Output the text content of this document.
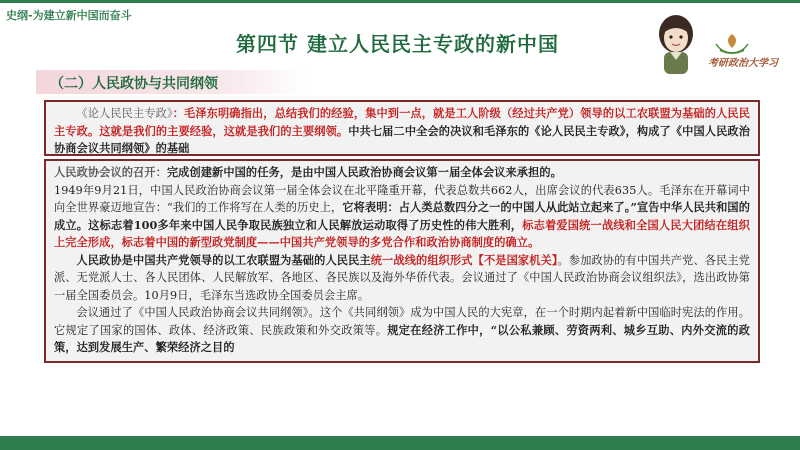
史纲-为建立新中国而奋斗
第四节 建立人民民主专政的新中国
考研政治大学习
（二）人民政协与共同纲领

《论人民民主专政》：毛泽东明确指出，总结我们的经验，集中到一点，就是工人阶级（经过共产党）领导的以工农联盟为基础的人民民主专政。这就是我们的主要经验，这就是我们的主要纲领。中共七届二中全会的决议和毛泽东的《论人民民主专政》，构成了《中国人民政治协商会议共同纲领》的基础

人民政协会议的召开：完成创建新中国的任务，是由中国人民政治协商会议第一届全体会议来承担的。

1949年9月21日，中国人民政治协商会议第一届全体会议在北平隆重开幕，代表总数共662人，出席会议的代表635人。毛泽东在开幕词中向全世界豪迈地宣告：“我们的工作将写在人类的历史上，它将表明：占人类总数四分之一的中国人从此站立起来了。”宣告中华人民共和国的成立。这标志着100多年来中国人民争取民族独立和人民解放运动取得了历史性的伟大胜利，标志着爱国统一战线和全国人民大团结在组织上完全形成，标志着中国的新型政党制度——中国共产党领导的多党合作和政治协商制度的确立。

人民政协是中国共产党领导的以工农联盟为基础的人民民主统一战线的组织形式【不是国家机关】。参加政协的有中国共产党、各民主党派、无党派人士、各人民团体、人民解放军、各地区、各民族以及海外华侨代表。会议通过了《中国人民政治协商会议组织法》，选出政协第一届全国委员会。10月9日，毛泽东当选政协全国委员会主席。

会议通过了《中国人民政治协商会议共同纲领》。这个《共同纲领》成为中国人民的大宪章，在一个时期内起着新中国临时宪法的作用。它规定了国家的国体、政体、经济政策、民族政策和外交政策等。规定在经济工作中，“以公私兼顾、劳资两利、城乡互助、内外交流的政策，达到发展生产、繁荣经济之目的
